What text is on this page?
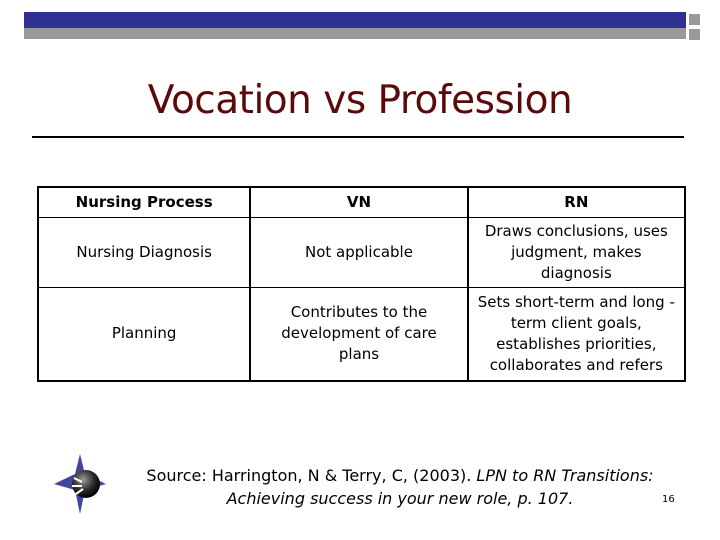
Vocation vs Profession
Nursing Process	VN	RN
Nursing Diagnosis	Not applicable	Draws conclusions, uses judgment, makes diagnosis
Planning	Contributes to the development of care plans	Sets short-term and long -term client goals, establishes priorities, collaborates and refers
Source: Harrington, N & Terry, C, (2003). LPN to RN Transitions:
Achieving success in your new role, p. 107.	16
